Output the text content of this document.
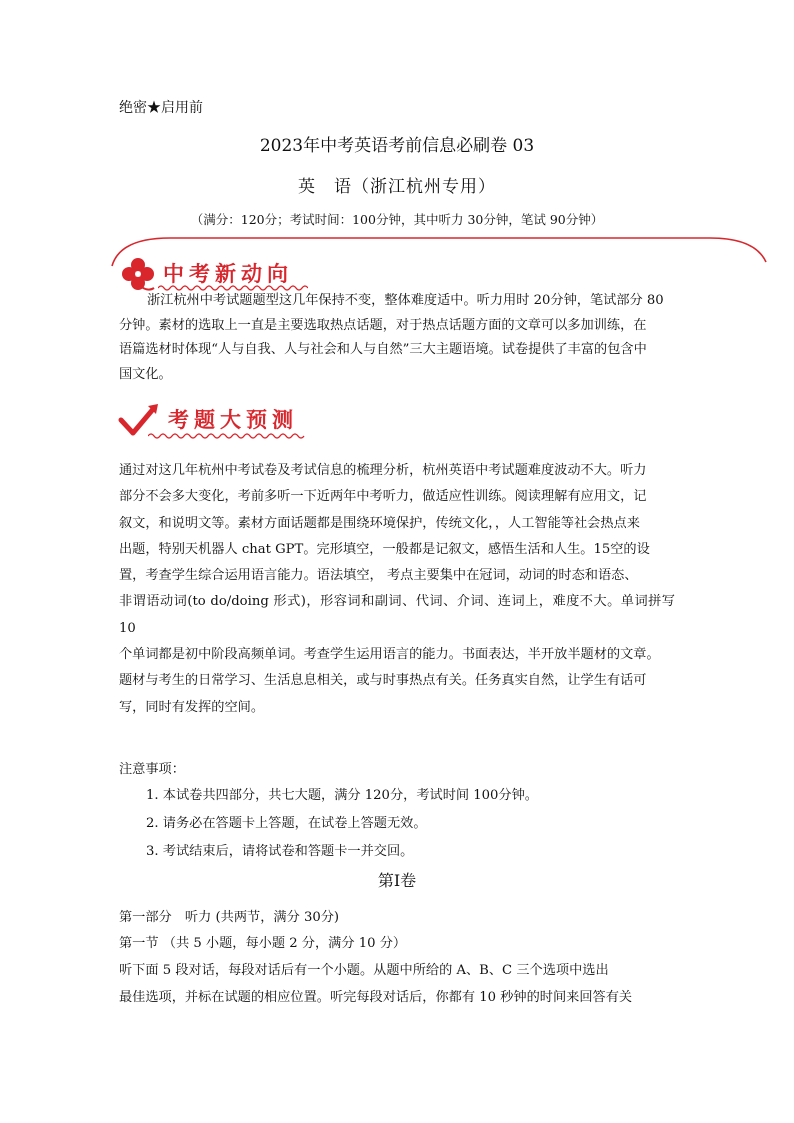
绝密★启用前
2023年中考英语考前信息必刷卷 03
英　语（浙江杭州专用）
（满分：120分；考试时间：100分钟，其中听力 30分钟，笔试 90分钟）
中考新动向

浙江杭州中考试题题型这几年保持不变，整体难度适中。听力用时 20分钟，笔试部分 80

分钟。素材的选取上一直是主要选取热点话题，对于热点话题方面的文章可以多加训练，在

语篇选材时体现“人与自我、人与社会和人与自然”三大主题语境。试卷提供了丰富的包含中

国文化。

考题大预测

通过对这几年杭州中考试卷及考试信息的梳理分析，杭州英语中考试题难度波动不大。听力

部分不会多大变化，考前多听一下近两年中考听力，做适应性训练。阅读理解有应用文，记

叙文，和说明文等。素材方面话题都是围绕环境保护，传统文化，，人工智能等社会热点来

出题，特别天机器人 chat GPT。完形填空，一般都是记叙文，感悟生活和人生。15空的设

置，考查学生综合运用语言能力。语法填空， 考点主要集中在冠词，动词的时态和语态、

非谓语动词(to do/doing 形式)，形容词和副词、代词、介词、连词上，难度不大。单词拼写 10

个单词都是初中阶段高频单词。考查学生运用语言的能力。书面表达，半开放半题材的文章。

题材与考生的日常学习、生活息息相关，或与时事热点有关。任务真实自然，让学生有话可

写，同时有发挥的空间。

注意事项：
1. 本试卷共四部分，共七大题，满分 120分，考试时间 100分钟。
2. 请务必在答题卡上答题，在试卷上答题无效。
3. 考试结束后，请将试卷和答题卡一并交回。
第Ⅰ卷
第一部分　听力 (共两节，满分 30分)
第一节 （共 5 小题，每小题 2 分，满分 10 分）
听下面 5 段对话，每段对话后有一个小题。从题中所给的 A、B、C 三个选项中选出
最佳选项，并标在试题的相应位置。听完每段对话后，你都有 10 秒钟的时间来回答有关
